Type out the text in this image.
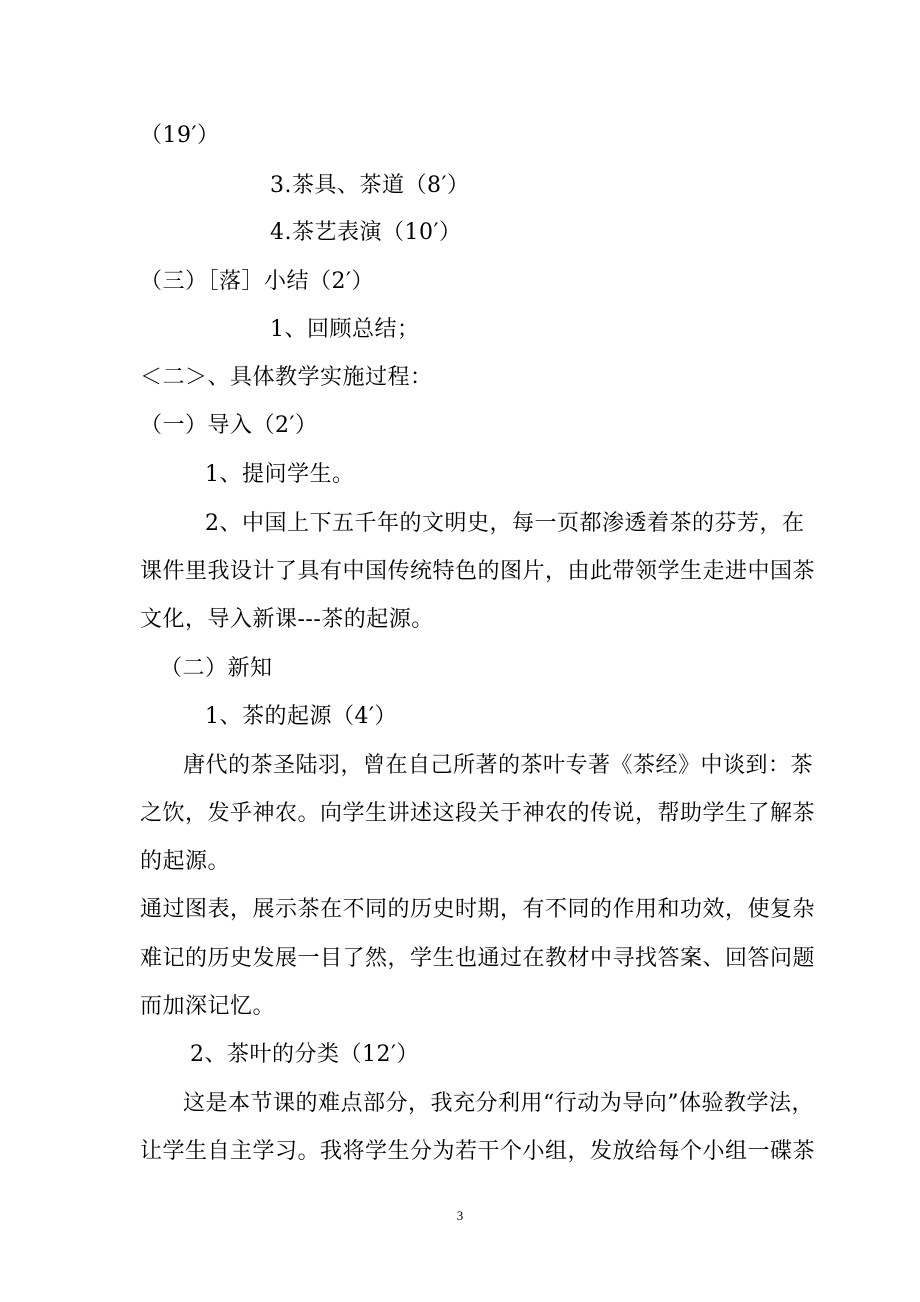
（19′）
3.茶具、茶道（8′）
4.茶艺表演（10′）
（三）［落］小结（2′）
1、回顾总结；
＜二＞、具体教学实施过程：
（一）导入（2′）
1、提问学生。
2、中国上下五千年的文明史，每一页都渗透着茶的芬芳，在
课件里我设计了具有中国传统特色的图片，由此带领学生走进中国茶
文化，导入新课---茶的起源。
（二）新知
1、茶的起源（4′）
唐代的茶圣陆羽，曾在自己所著的茶叶专著《茶经》中谈到：茶
之饮，发乎神农。向学生讲述这段关于神农的传说，帮助学生了解茶
的起源。
通过图表，展示茶在不同的历史时期，有不同的作用和功效，使复杂
难记的历史发展一目了然，学生也通过在教材中寻找答案、回答问题
而加深记忆。
2、茶叶的分类（12′）
这是本节课的难点部分，我充分利用“行动为导向”体验教学法，
让学生自主学习。我将学生分为若干个小组，发放给每个小组一碟茶
3
